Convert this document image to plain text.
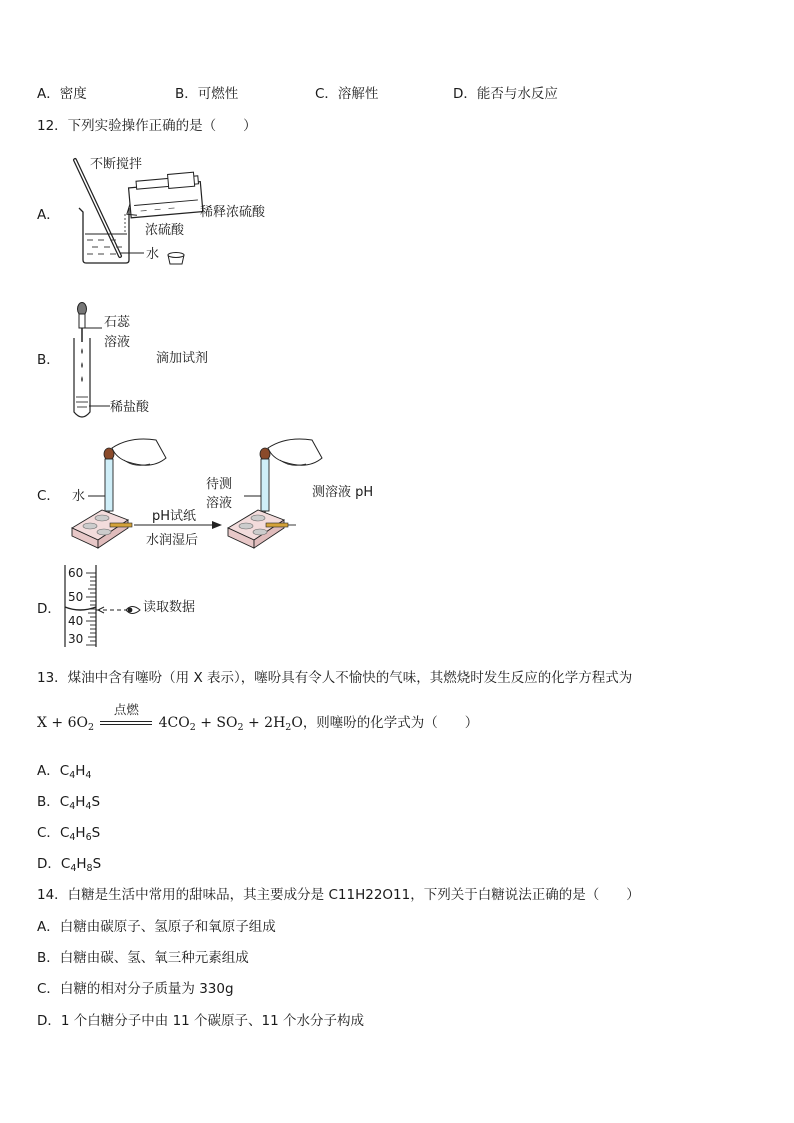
A．密度	B．可燃性	C．溶解性	D．能否与水反应
12．下列实验操作正确的是（　　）
A．
不断搅拌
稀释浓硫酸
浓硫酸
水
B．
石蕊
溶液
滴加试剂
稀盐酸
C． 水
pH试纸
水润湿后
待测
溶液
测溶液 pH
D．
60
50
40
30
读取数据
13．煤油中含有噻吩（用 X 表示），噻吩具有令人不愉快的气味，其燃烧时发生反应的化学方程式为
$X + 6O_2$
点燃
$4CO_2 + SO_2 + 2H_2O$，则噻吩的化学式为（　　）
A．$C_4H_4$
B．$C_4H_4S$
C．$C_4H_6S$
D．$C_4H_8S$
14．白糖是生活中常用的甜味品，其主要成分是 C11H22O11，下列关于白糖说法正确的是（　　）
A．白糖由碳原子、氢原子和氧原子组成
B．白糖由碳、氢、氧三种元素组成
C．白糖的相对分子质量为 330g
D．1 个白糖分子中由 11 个碳原子、11 个水分子构成
